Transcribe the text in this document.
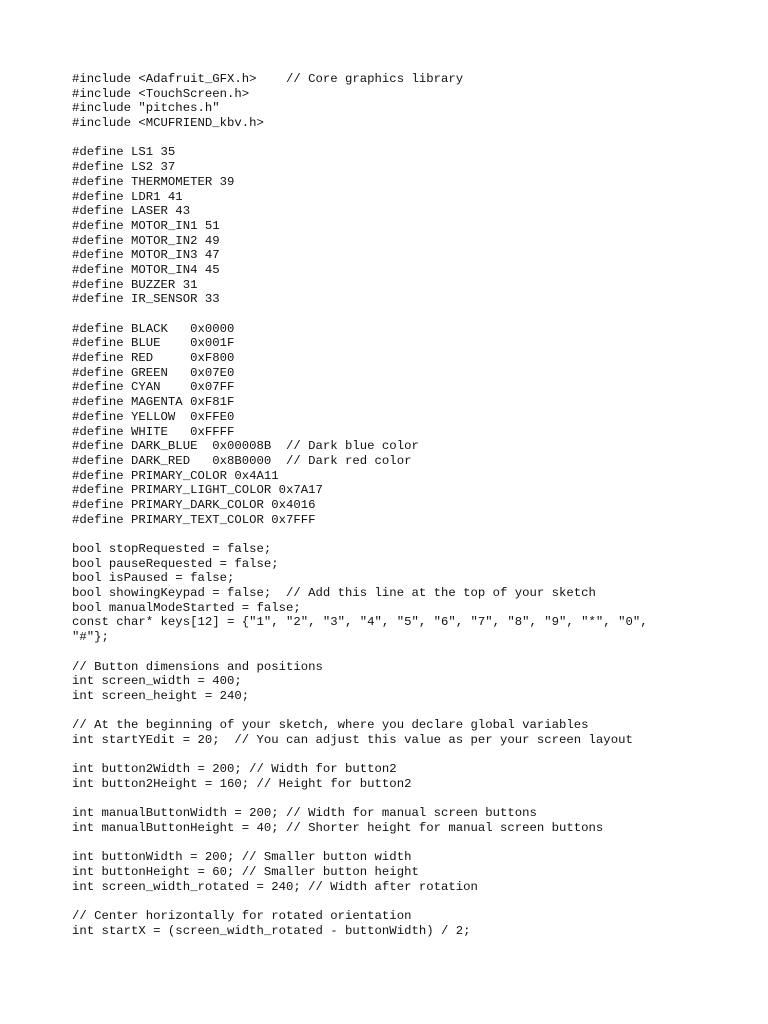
#include <Adafruit_GFX.h>    // Core graphics library
#include <TouchScreen.h>
#include "pitches.h"
#include <MCUFRIEND_kbv.h>

#define LS1 35
#define LS2 37
#define THERMOMETER 39
#define LDR1 41
#define LASER 43
#define MOTOR_IN1 51
#define MOTOR_IN2 49
#define MOTOR_IN3 47
#define MOTOR_IN4 45
#define BUZZER 31
#define IR_SENSOR 33

#define BLACK   0x0000
#define BLUE    0x001F
#define RED     0xF800
#define GREEN   0x07E0
#define CYAN    0x07FF
#define MAGENTA 0xF81F
#define YELLOW  0xFFE0
#define WHITE   0xFFFF
#define DARK_BLUE  0x00008B  // Dark blue color
#define DARK_RED   0x8B0000  // Dark red color
#define PRIMARY_COLOR 0x4A11
#define PRIMARY_LIGHT_COLOR 0x7A17
#define PRIMARY_DARK_COLOR 0x4016
#define PRIMARY_TEXT_COLOR 0x7FFF

bool stopRequested = false;
bool pauseRequested = false;
bool isPaused = false;
bool showingKeypad = false;  // Add this line at the top of your sketch
bool manualModeStarted = false;
const char* keys[12] = {"1", "2", "3", "4", "5", "6", "7", "8", "9", "*", "0",
"#"};

// Button dimensions and positions
int screen_width = 400;
int screen_height = 240;

// At the beginning of your sketch, where you declare global variables
int startYEdit = 20;  // You can adjust this value as per your screen layout

int button2Width = 200; // Width for button2
int button2Height = 160; // Height for button2

int manualButtonWidth = 200; // Width for manual screen buttons
int manualButtonHeight = 40; // Shorter height for manual screen buttons

int buttonWidth = 200; // Smaller button width
int buttonHeight = 60; // Smaller button height
int screen_width_rotated = 240; // Width after rotation

// Center horizontally for rotated orientation
int startX = (screen_width_rotated - buttonWidth) / 2;
